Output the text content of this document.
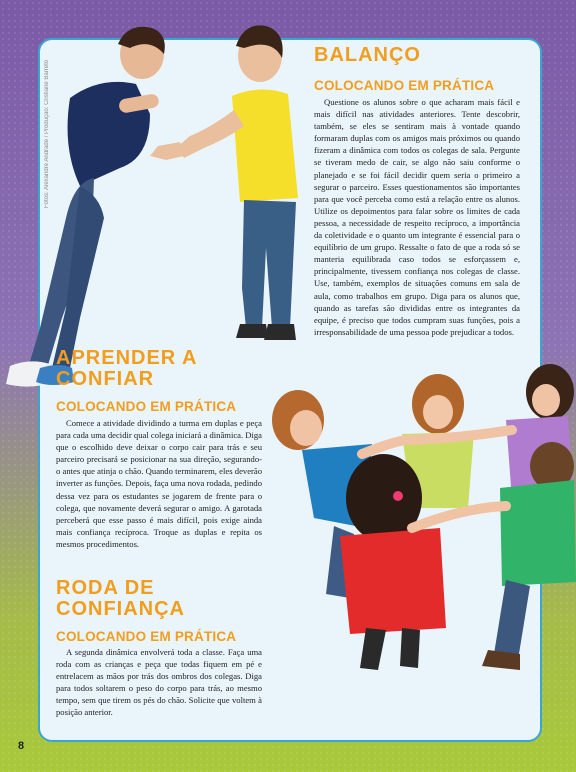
Fotos: Alexandre Andrade / Produção: Cristiane Barreto
BALANÇO
COLOCANDO EM PRÁTICA

Questione os alunos sobre o que acharam mais fácil e mais difícil nas atividades anteriores. Tente descobrir, também, se eles se sentiram mais à vontade quando formaram duplas com os amigos mais próximos ou quando fizeram a dinâmica com todos os colegas de sala. Pergunte se tiveram medo de cair, se algo não saiu conforme o planejado e se foi fácil decidir quem seria o primeiro a segurar o parceiro. Esses questionamentos são importantes para que você perceba como está a relação entre os alunos. Utilize os depoimentos para falar sobre os limites de cada pessoa, a necessidade de respeito recíproco, a importância da coletividade e o quanto um integrante é essencial para o equilíbrio de um grupo. Ressalte o fato de que a roda só se manteria equilibrada caso todos se esforçassem e, principalmente, tivessem confiança nos colegas de classe. Use, também, exemplos de situações comuns em sala de aula, como trabalhos em grupo. Diga para os alunos que, quando as tarefas são divididas entre os integrantes da equipe, é preciso que todos cumpram suas funções, pois a irresponsabilidade de uma pessoa pode prejudicar a todos.

APRENDER A
CONFIAR
COLOCANDO EM PRÁTICA

Comece a atividade dividindo a turma em duplas e peça para cada uma decidir qual colega iniciará a dinâmica. Diga que o escolhido deve deixar o corpo cair para trás e seu parceiro precisará se posicionar na sua direção, segurando-o antes que atinja o chão. Quando terminarem, eles deverão inverter as funções. Depois, faça uma nova rodada, pedindo dessa vez para os estudantes se jogarem de frente para o colega, que novamente deverá segurar o amigo. A garotada perceberá que esse passo é mais difícil, pois exige ainda mais confiança recíproca. Troque as duplas e repita os mesmos procedimentos.

RODA DE
CONFIANÇA
COLOCANDO EM PRÁTICA

A segunda dinâmica envolverá toda a classe. Faça uma roda com as crianças e peça que todas fiquem em pé e entrelacem as mãos por trás dos ombros dos colegas. Diga para todos soltarem o peso do corpo para trás, ao mesmo tempo, sem que tirem os pés do chão. Solicite que voltem à posição anterior.

8
